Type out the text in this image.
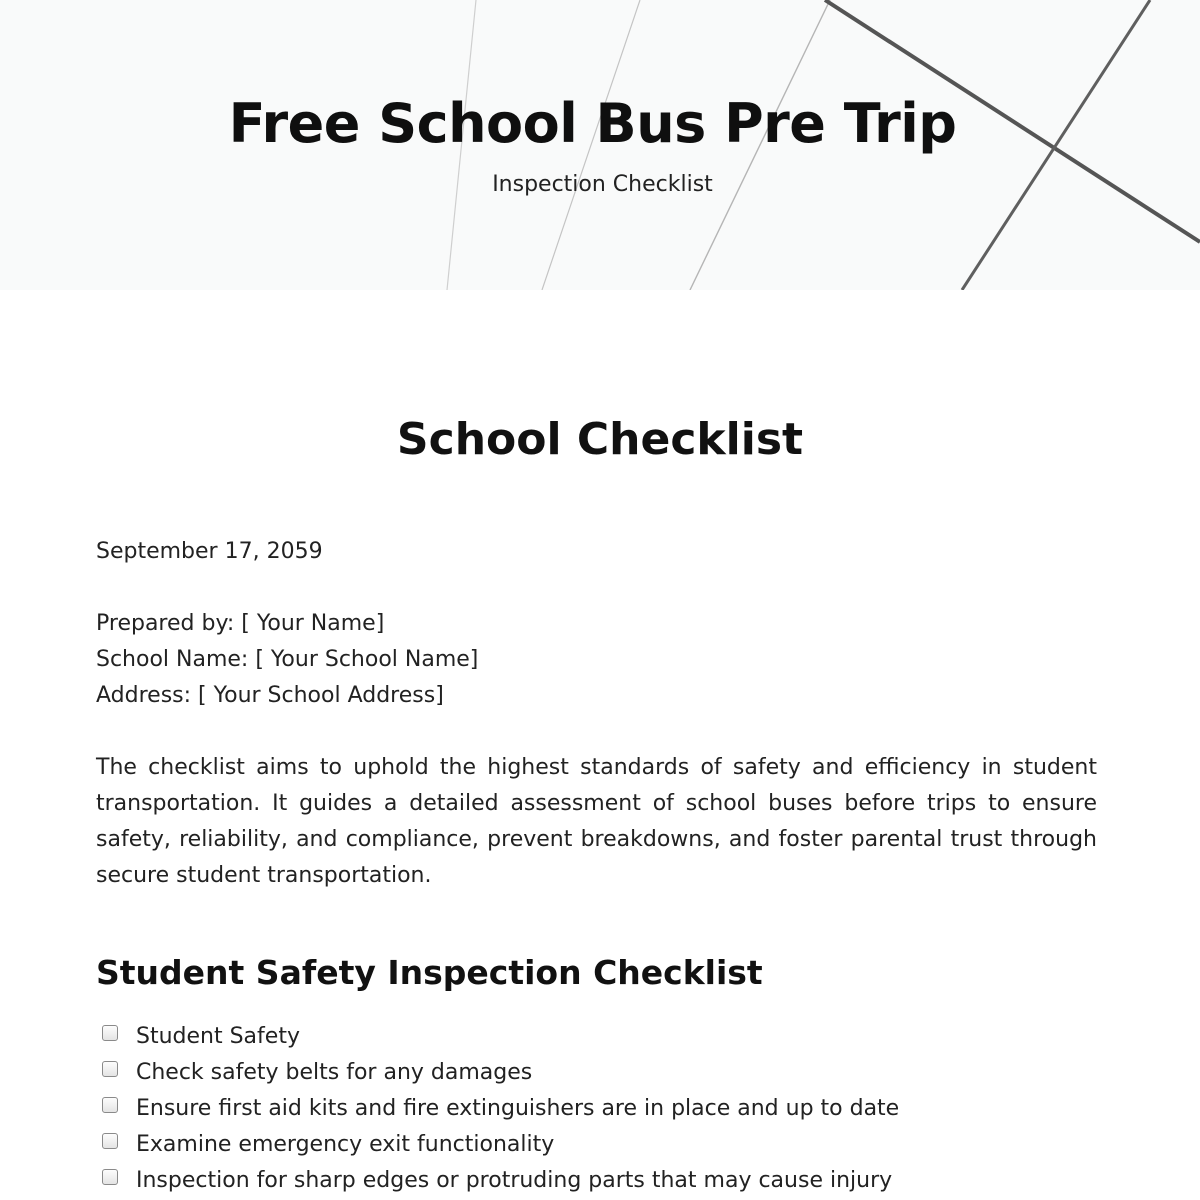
Free School Bus Pre Trip
Inspection Checklist
School Checklist
September 17, 2059
Prepared by: [ Your Name]
School Name: [ Your School Name]
Address: [ Your School Address]

The checklist aims to uphold the highest standards of safety and efficiency in student transportation. It guides a detailed assessment of school buses before trips to ensure safety, reliability, and compliance, prevent breakdowns, and foster parental trust through secure student transportation.

Student Safety Inspection Checklist
Student Safety
Check safety belts for any damages
Ensure first aid kits and fire extinguishers are in place and up to date
Examine emergency exit functionality
Inspection for sharp edges or protruding parts that may cause injury
